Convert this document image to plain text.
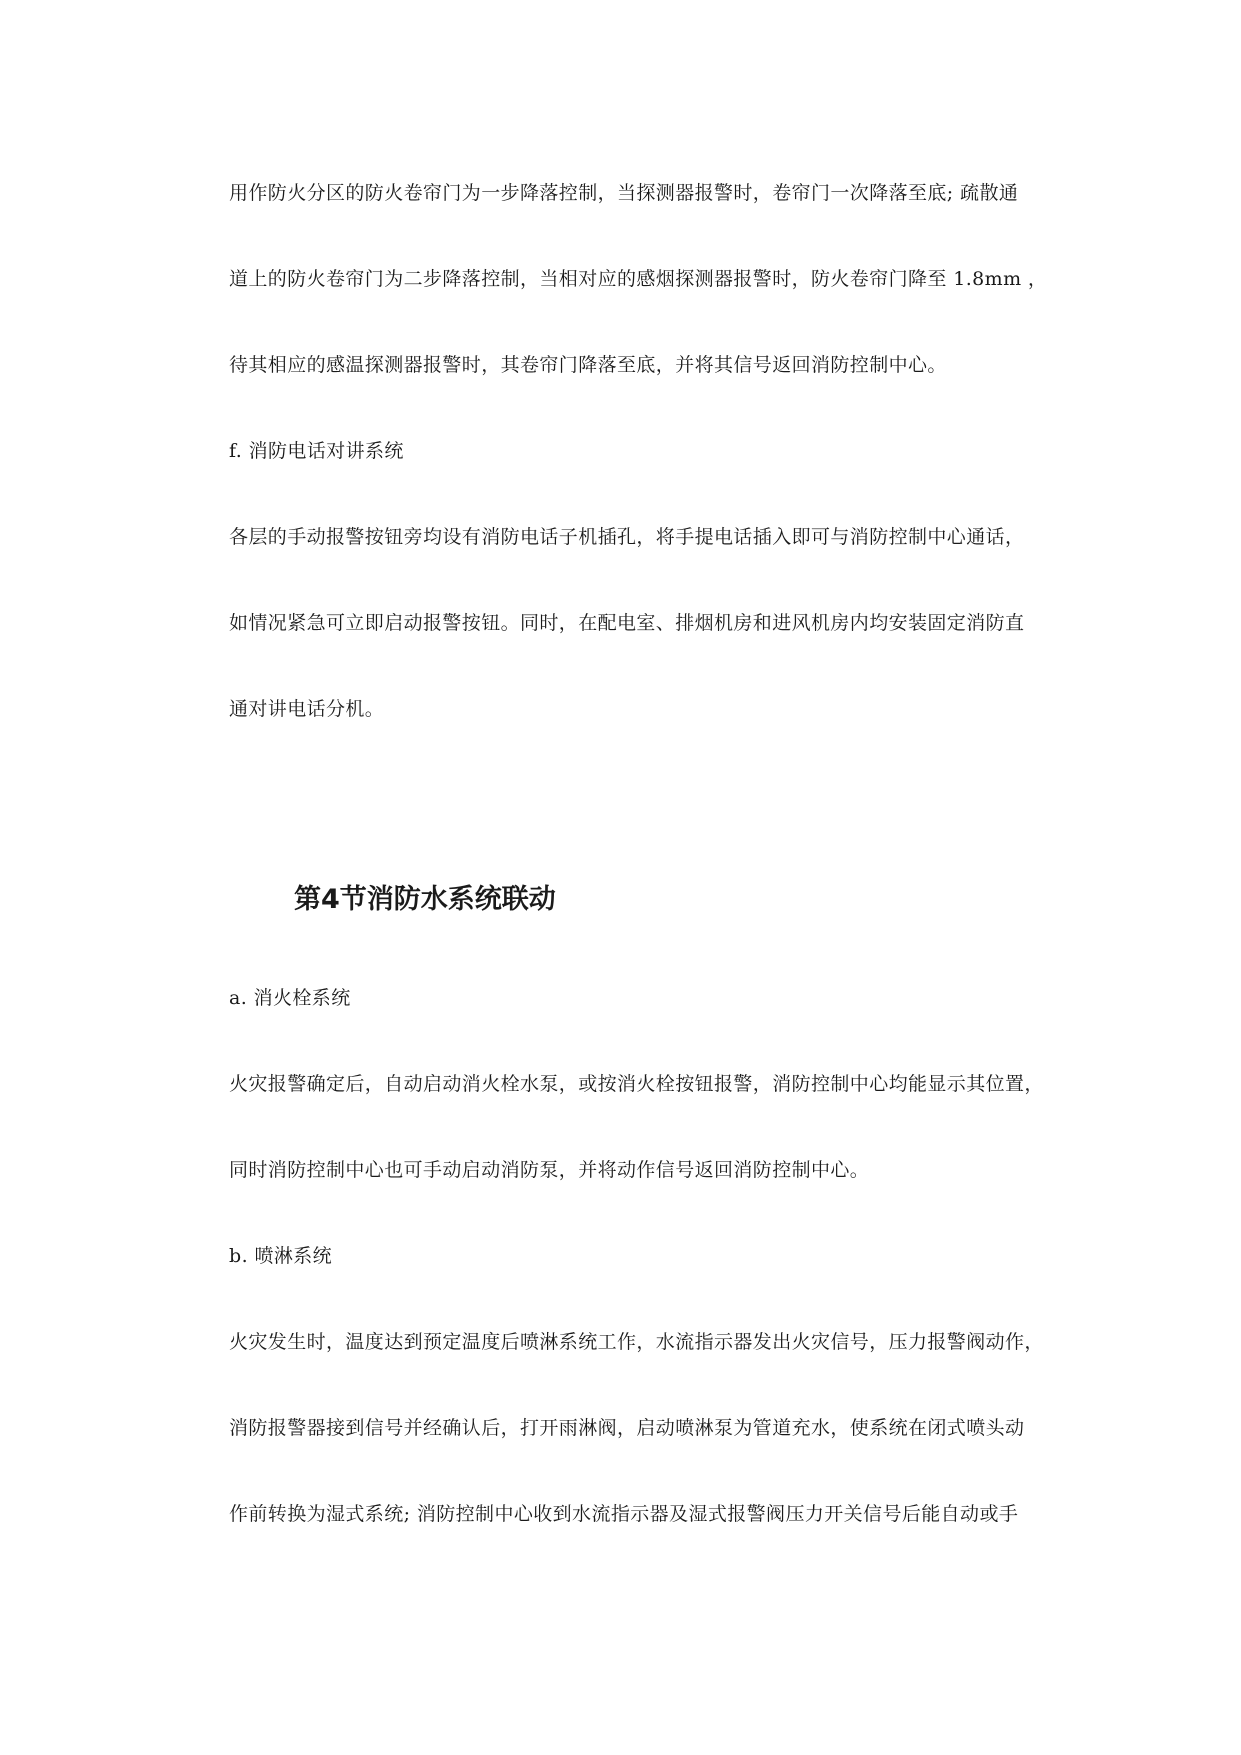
用作防火分区的防火卷帘门为一步降落控制，当探测器报警时，卷帘门一次降落至底; 疏散通
道上的防火卷帘门为二步降落控制，当相对应的感烟探测器报警时，防火卷帘门降至 1.8mm ，
待其相应的感温探测器报警时，其卷帘门降落至底，并将其信号返回消防控制中心。
f. 消防电话对讲系统
各层的手动报警按钮旁均设有消防电话子机插孔，将手提电话插入即可与消防控制中心通话，
如情况紧急可立即启动报警按钮。同时，在配电室、排烟机房和进风机房内均安装固定消防直
通对讲电话分机。
第4节消防水系统联动
a. 消火栓系统
火灾报警确定后，自动启动消火栓水泵，或按消火栓按钮报警，消防控制中心均能显示其位置，
同时消防控制中心也可手动启动消防泵，并将动作信号返回消防控制中心。
b. 喷淋系统
火灾发生时，温度达到预定温度后喷淋系统工作，水流指示器发出火灾信号，压力报警阀动作，
消防报警器接到信号并经确认后，打开雨淋阀，启动喷淋泵为管道充水，使系统在闭式喷头动
作前转换为湿式系统; 消防控制中心收到水流指示器及湿式报警阀压力开关信号后能自动或手
